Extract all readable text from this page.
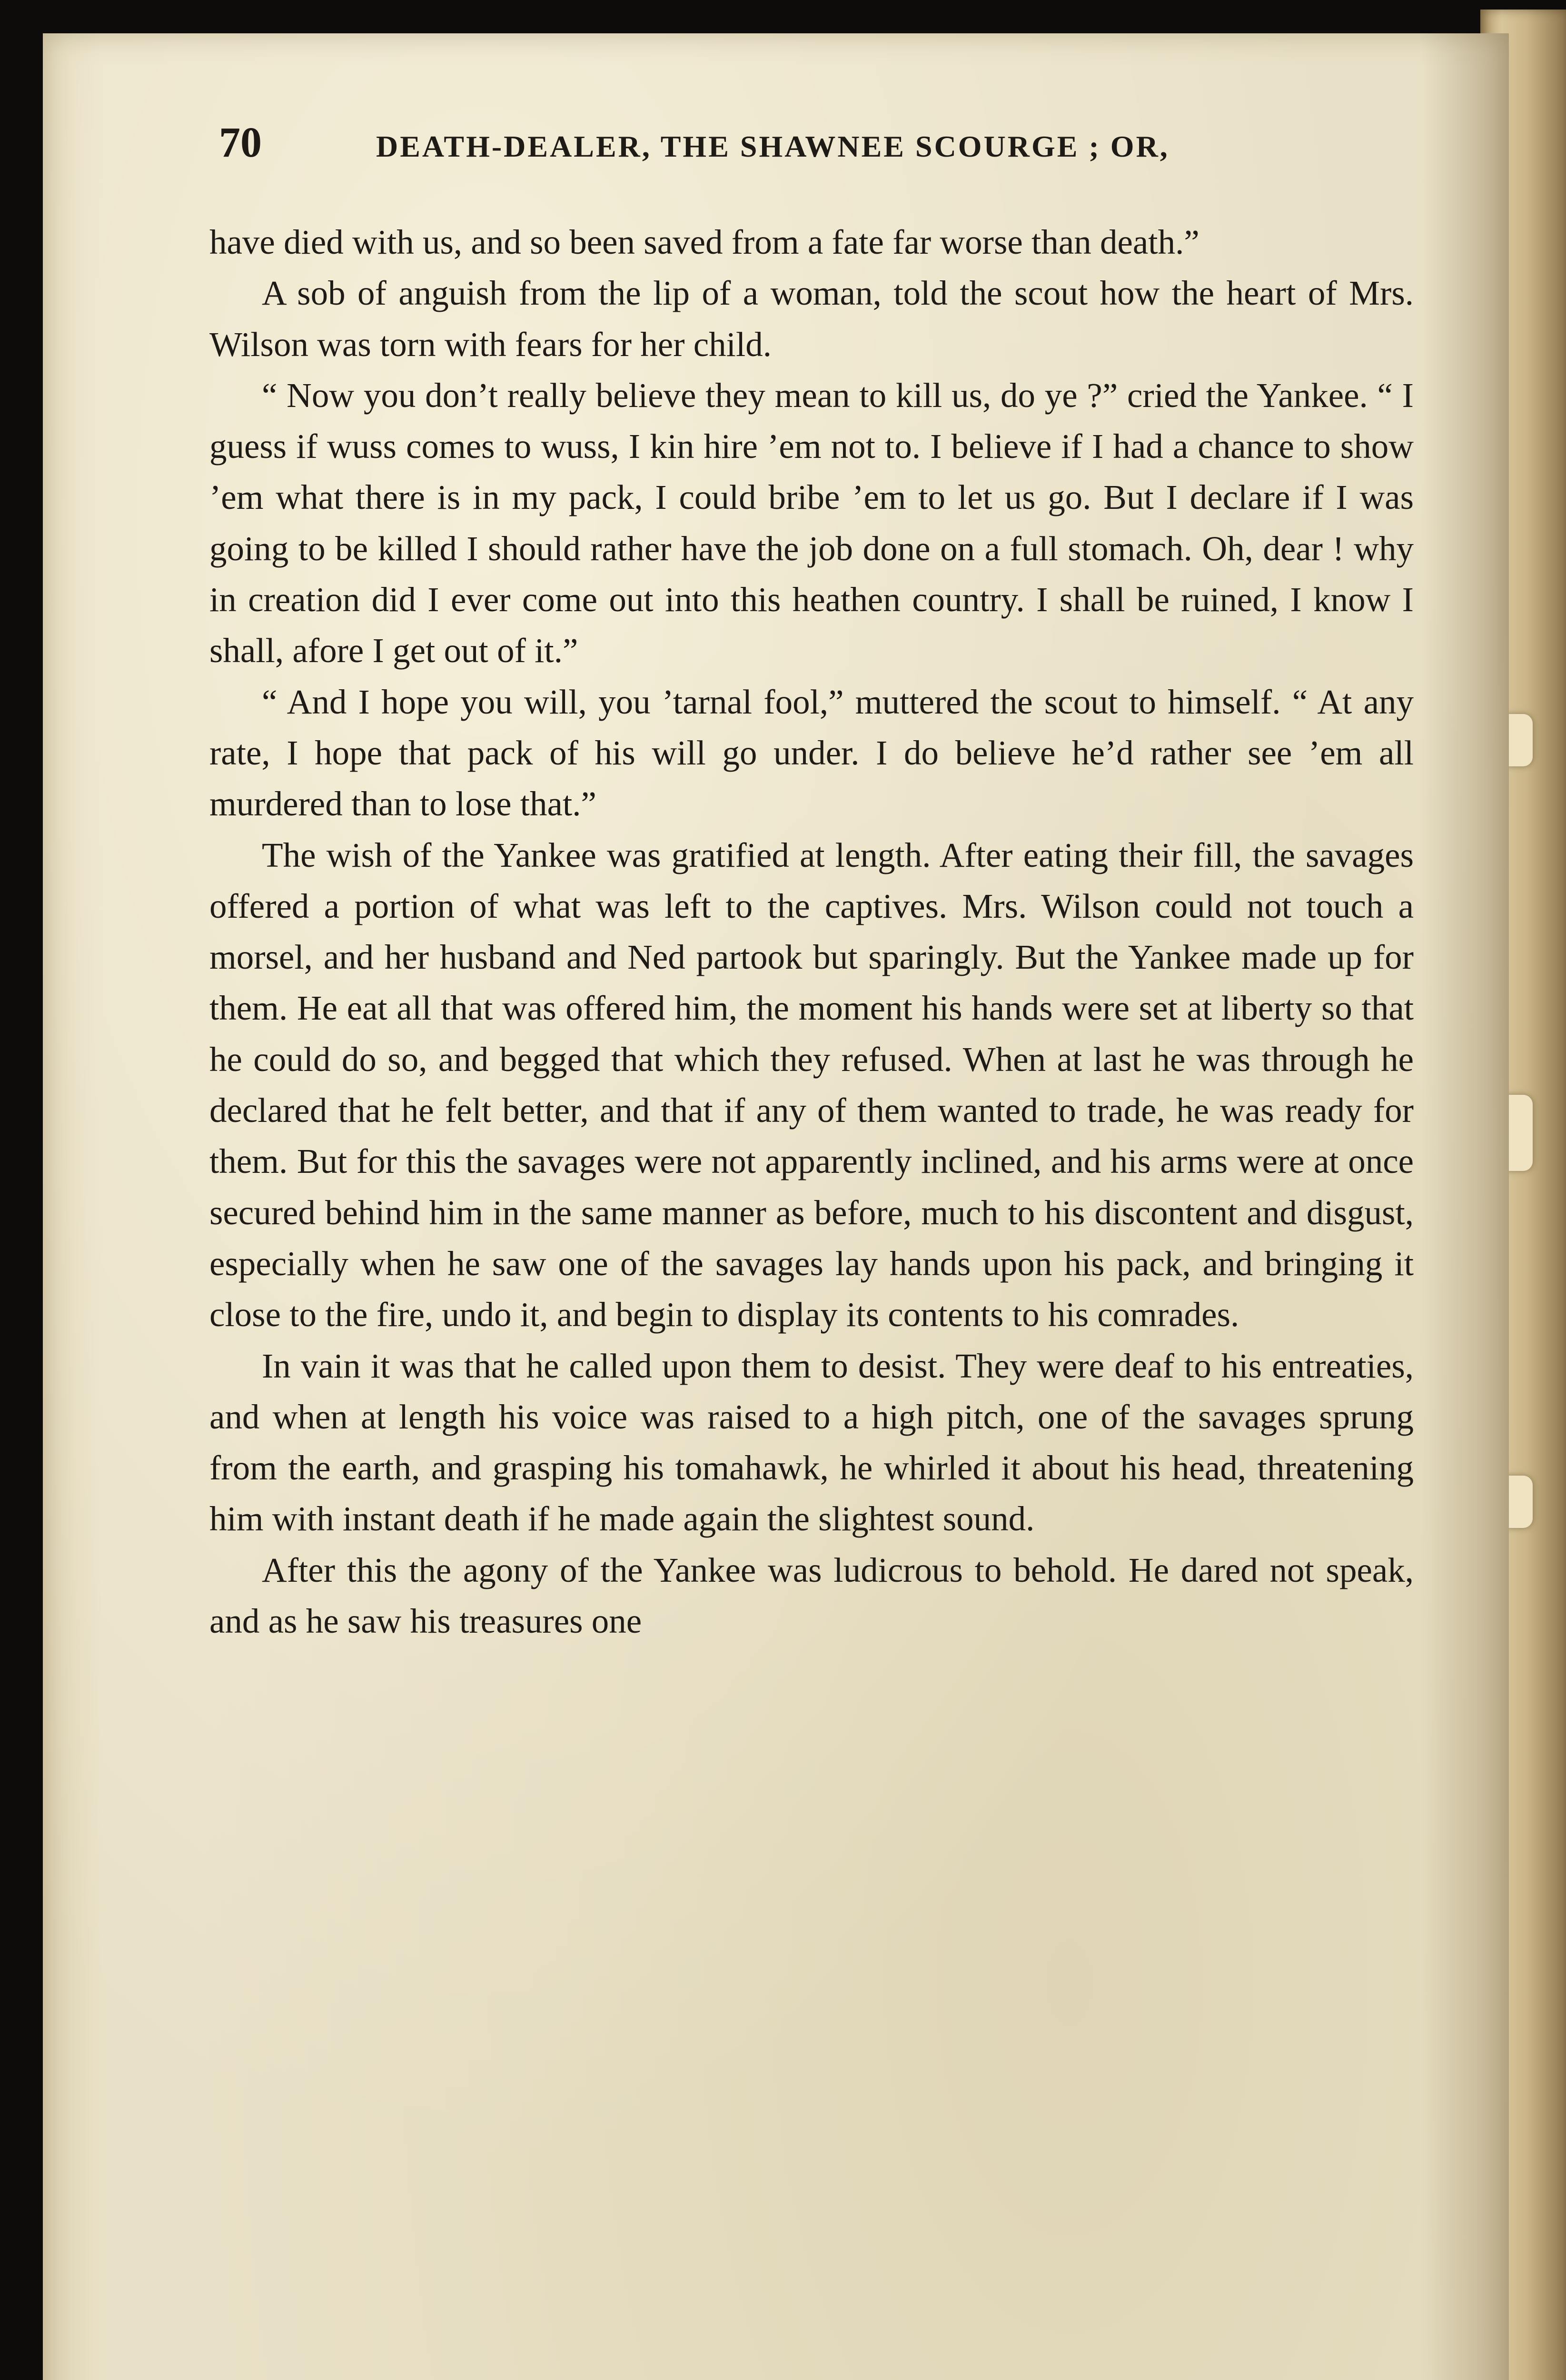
70	DEATH-DEALER, THE SHAWNEE SCOURGE ; OR,

have died with us, and so been saved from a fate far worse than death.”

A sob of anguish from the lip of a woman, told the scout how the heart of Mrs. Wilson was torn with fears for her child.

“ Now you don’t really believe they mean to kill us, do ye ?” cried the Yankee. “ I guess if wuss comes to wuss, I kin hire ’em not to. I believe if I had a chance to show ’em what there is in my pack, I could bribe ’em to let us go. But I declare if I was going to be killed I should rather have the job done on a full stomach. Oh, dear ! why in creation did I ever come out into this heathen country. I shall be ruined, I know I shall, afore I get out of it.”

“ And I hope you will, you ’tarnal fool,” muttered the scout to himself. “ At any rate, I hope that pack of his will go under. I do believe he’d rather see ’em all murdered than to lose that.”

The wish of the Yankee was gratified at length. After eating their fill, the savages offered a portion of what was left to the captives. Mrs. Wilson could not touch a morsel, and her husband and Ned partook but sparingly. But the Yankee made up for them. He eat all that was offered him, the moment his hands were set at liberty so that he could do so, and begged that which they refused. When at last he was through he declared that he felt better, and that if any of them wanted to trade, he was ready for them. But for this the savages were not apparently inclined, and his arms were at once secured behind him in the same manner as before, much to his discontent and disgust, especially when he saw one of the savages lay hands upon his pack, and bringing it close to the fire, undo it, and begin to display its contents to his comrades.

In vain it was that he called upon them to desist. They were deaf to his entreaties, and when at length his voice was raised to a high pitch, one of the savages sprung from the earth, and grasping his tomahawk, he whirled it about his head, threatening him with instant death if he made again the slightest sound.

After this the agony of the Yankee was ludicrous to behold. He dared not speak, and as he saw his treasures one
